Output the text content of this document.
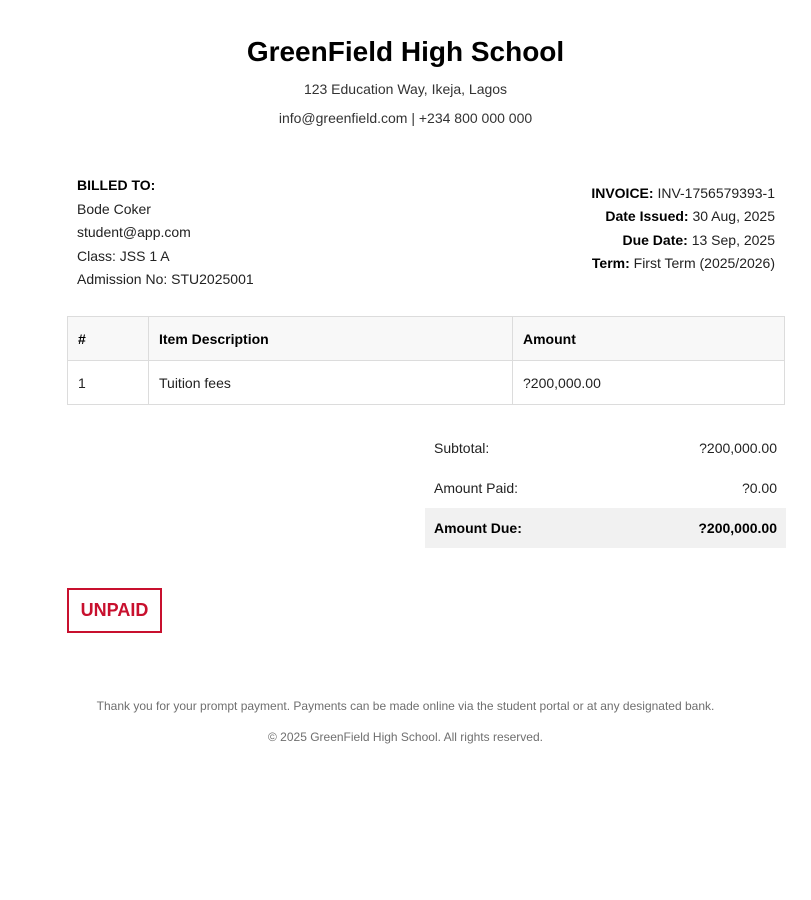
GreenField High School
123 Education Way, Ikeja, Lagos
info@greenfield.com | +234 800 000 000
BILLED TO:
Bode Coker
student@app.com
Class: JSS 1 A
Admission No: STU2025001
INVOICE: INV-1756579393-1
Date Issued: 30 Aug, 2025
Due Date: 13 Sep, 2025
Term: First Term (2025/2026)
#	Item Description	Amount
1	Tuition fees	?200,000.00
Subtotal:	?200,000.00
Amount Paid:	?0.00
Amount Due:	?200,000.00
UNPAID
Thank you for your prompt payment. Payments can be made online via the student portal or at any designated bank.
© 2025 GreenField High School. All rights reserved.
